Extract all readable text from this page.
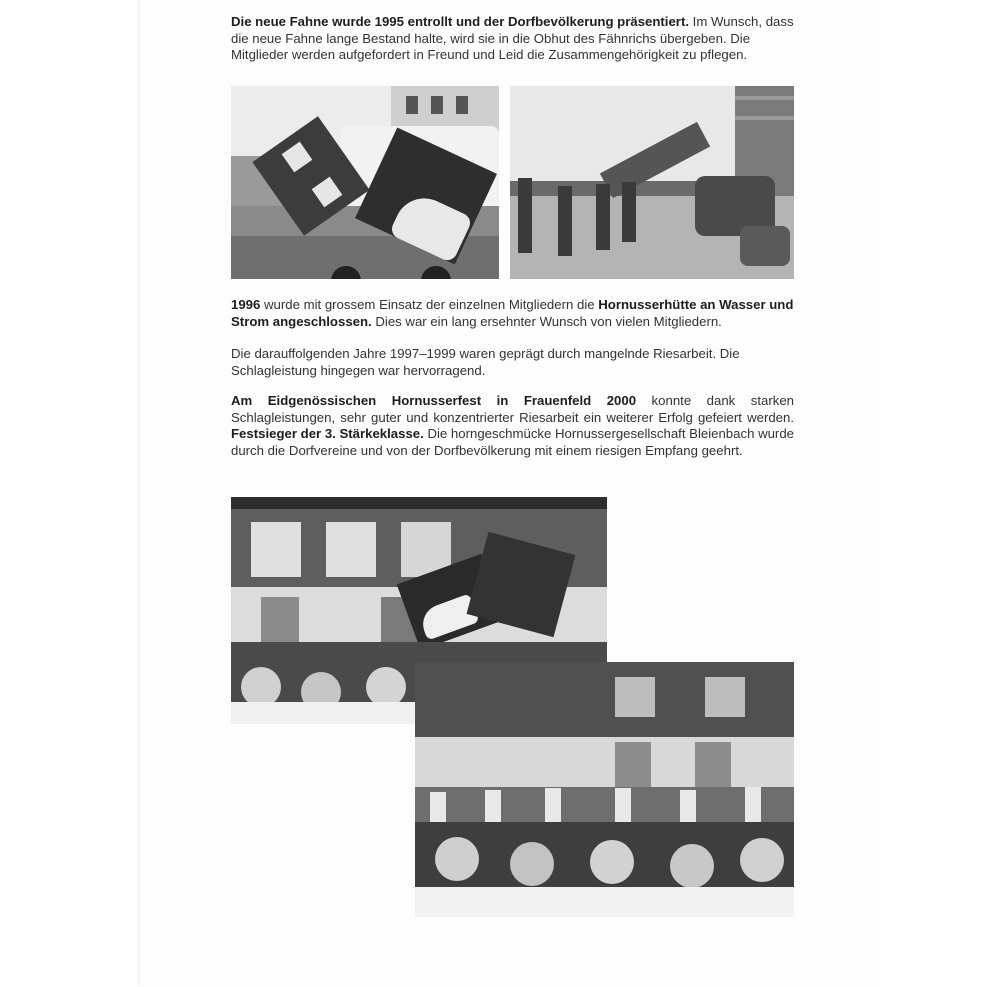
Die neue Fahne wurde 1995 entrollt und der Dorfbevölkerung präsentiert. Im Wunsch, dass die neue Fahne lange Bestand halte, wird sie in die Obhut des Fähnrichs übergeben. Die Mitglieder werden aufgefordert in Freund und Leid die Zusammengehörigkeit zu pflegen.

1996 wurde mit grossem Einsatz der einzelnen Mitgliedern die Hornusserhütte an Wasser und Strom angeschlossen. Dies war ein lang ersehnter Wunsch von vielen Mitgliedern.

Die darauffolgenden Jahre 1997–1999 waren geprägt durch mangelnde Riesarbeit. Die Schlagleistung hingegen war hervorragend.

Am Eidgenössischen Hornusserfest in Frauenfeld 2000 konnte dank starken Schlagleistungen, sehr guter und konzentrierter Riesarbeit ein weiterer Erfolg gefeiert werden. Festsieger der 3. Stärkeklasse. Die horngeschmücke Hornussergesellschaft Bleienbach wurde durch die Dorfvereine und von der Dorfbevölkerung mit einem riesigen Empfang geehrt.
